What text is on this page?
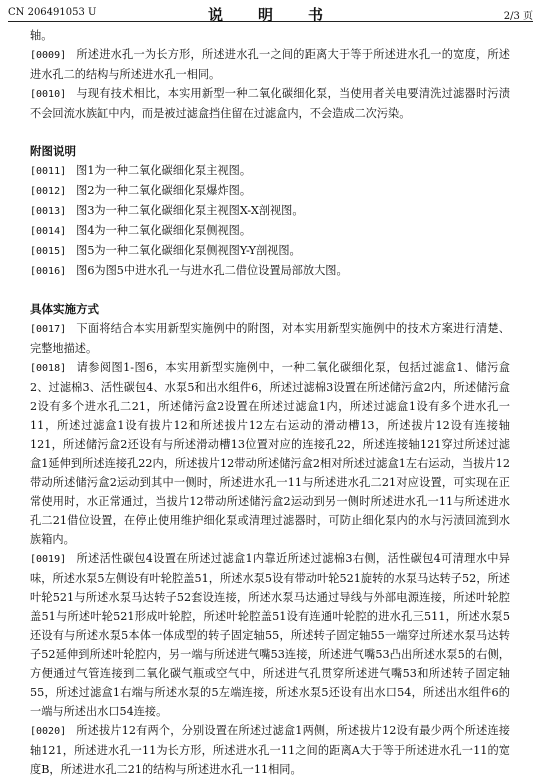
CN 206491053 U	说　明　书	2/3 页

轴。

[0009] 所述进水孔一为长方形，所述进水孔一之间的距离大于等于所述进水孔一的宽度，所述进水孔二的结构与所述进水孔一相同。

[0010] 与现有技术相比，本实用新型一种二氧化碳细化泵，当使用者关电要清洗过滤器时污渍不会回流水族缸中内，而是被过滤盒挡住留在过滤盒内，不会造成二次污染。

附图说明

[0011] 图1为一种二氧化碳细化泵主视图。

[0012] 图2为一种二氧化碳细化泵爆炸图。

[0013] 图3为一种二氧化碳细化泵主视图X-X剖视图。

[0014] 图4为一种二氧化碳细化泵侧视图。

[0015] 图5为一种二氧化碳细化泵侧视图Y-Y剖视图。

[0016] 图6为图5中进水孔一与进水孔二借位设置局部放大图。

具体实施方式

[0017] 下面将结合本实用新型实施例中的附图，对本实用新型实施例中的技术方案进行清楚、完整地描述。

[0018] 请参阅图1-图6，本实用新型实施例中，一种二氧化碳细化泵，包括过滤盒1、储污盒2、过滤棉3、活性碳包4、水泵5和出水组件6，所述过滤棉3设置在所述储污盒2内，所述储污盒2设有多个进水孔二21，所述储污盒2设置在所述过滤盒1内，所述过滤盒1设有多个进水孔一11，所述过滤盒1设有拔片12和所述拔片12左右运动的滑动槽13，所述拔片12设有连接轴121，所述储污盒2还设有与所述滑动槽13位置对应的连接孔22，所述连接轴121穿过所述过滤盒1延伸到所述连接孔22内，所述拔片12带动所述储污盒2相对所述过滤盒1左右运动，当拔片12带动所述储污盒2运动到其中一侧时，所述进水孔一11与所述进水孔二21对应设置，可实现在正常使用时，水正常通过，当拔片12带动所述储污盒2运动到另一侧时所述进水孔一11与所述进水孔二21借位设置，在停止使用维护细化泵或清理过滤器时，可防止细化泵内的水与污渍回流到水族箱内。

[0019] 所述活性碳包4设置在所述过滤盒1内靠近所述过滤棉3右侧，活性碳包4可清理水中异味，所述水泵5左侧设有叶轮腔盖51，所述水泵5设有带动叶轮521旋转的水泵马达转子52，所述叶轮521与所述水泵马达转子52套设连接，所述水泵马达通过导线与外部电源连接，所述叶轮腔盖51与所述叶轮521形成叶轮腔，所述叶轮腔盖51设有连通叶轮腔的进水孔三511，所述水泵5还设有与所述水泵5本体一体成型的转子固定轴55，所述转子固定轴55一端穿过所述水泵马达转子52延伸到所述叶轮腔内，另一端与所述进气嘴53连接，所述进气嘴53凸出所述水泵5的右侧，方便通过气管连接到二氧化碳气瓶或空气中，所述进气孔贯穿所述进气嘴53和所述转子固定轴55，所述过滤盒1右端与所述水泵的5左端连接，所述水泵5还设有出水口54，所述出水组件6的一端与所述出水口54连接。

[0020] 所述拔片12有两个，分别设置在所述过滤盒1两侧，所述拔片12设有最少两个所述连接轴121，所述进水孔一11为长方形，所述进水孔一11之间的距离A大于等于所述进水孔一11的宽度B，所述进水孔二21的结构与所述进水孔一11相同。
